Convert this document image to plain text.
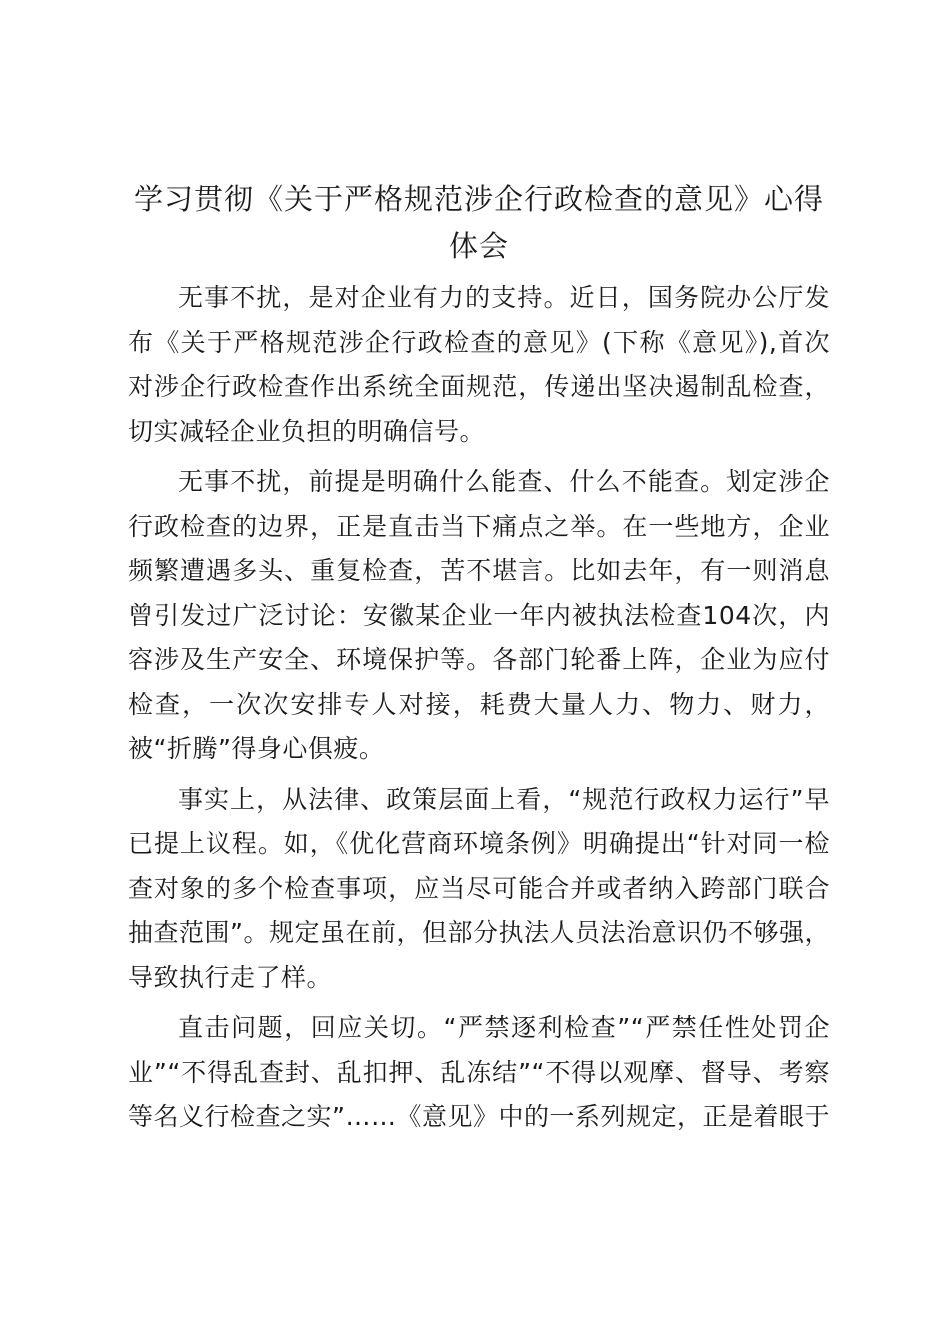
学习贯彻《关于严格规范涉企行政检查的意见》心得体会

无事不扰，是对企业有力的支持。近日，国务院办公厅发布《关于严格规范涉企行政检查的意见》(下称《意见》),首次对涉企行政检查作出系统全面规范，传递出坚决遏制乱检查，切实减轻企业负担的明确信号。

无事不扰，前提是明确什么能查、什么不能查。划定涉企行政检查的边界，正是直击当下痛点之举。在一些地方，企业频繁遭遇多头、重复检查，苦不堪言。比如去年，有一则消息曾引发过广泛讨论：安徽某企业一年内被执法检查104次，内容涉及生产安全、环境保护等。各部门轮番上阵，企业为应付检查，一次次安排专人对接，耗费大量人力、物力、财力，被“折腾”得身心俱疲。

事实上，从法律、政策层面上看，“规范行政权力运行”早已提上议程。如，《优化营商环境条例》明确提出“针对同一检查对象的多个检查事项，应当尽可能合并或者纳入跨部门联合抽查范围”。规定虽在前，但部分执法人员法治意识仍不够强，导致执行走了样。

直击问题，回应关切。“严禁逐利检查”“严禁任性处罚企业”“不得乱查封、乱扣押、乱冻结”“不得以观摩、督导、考察等名义行检查之实”……《意见》中的一系列规定，正是着眼于
